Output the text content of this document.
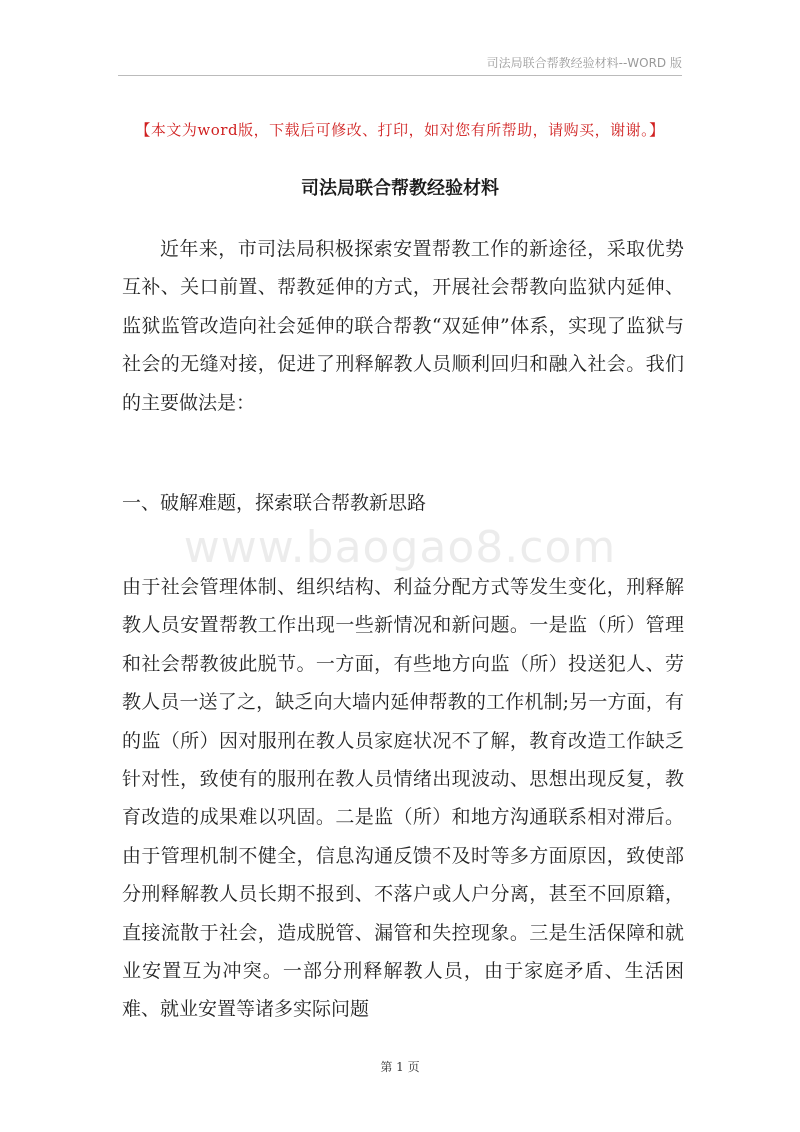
司法局联合帮教经验材料--WORD 版
【本文为word版，下载后可修改、打印，如对您有所帮助，请购买，谢谢。】
司法局联合帮教经验材料

近年来，市司法局积极探索安置帮教工作的新途径，采取优势互补、关口前置、帮教延伸的方式，开展社会帮教向监狱内延伸、监狱监管改造向社会延伸的联合帮教“双延伸”体系，实现了监狱与社会的无缝对接，促进了刑释解教人员顺利回归和融入社会。我们的主要做法是：

一、破解难题，探索联合帮教新思路

www.baogao8.com

由于社会管理体制、组织结构、利益分配方式等发生变化，刑释解教人员安置帮教工作出现一些新情况和新问题。一是监（所）管理和社会帮教彼此脱节。一方面，有些地方向监（所）投送犯人、劳教人员一送了之，缺乏向大墙内延伸帮教的工作机制;另一方面，有的监（所）因对服刑在教人员家庭状况不了解，教育改造工作缺乏针对性，致使有的服刑在教人员情绪出现波动、思想出现反复，教育改造的成果难以巩固。二是监（所）和地方沟通联系相对滞后。由于管理机制不健全，信息沟通反馈不及时等多方面原因，致使部分刑释解教人员长期不报到、不落户或人户分离，甚至不回原籍，直接流散于社会，造成脱管、漏管和失控现象。三是生活保障和就业安置互为冲突。一部分刑释解教人员，由于家庭矛盾、生活困难、就业安置等诸多实际问题

第 1 页
